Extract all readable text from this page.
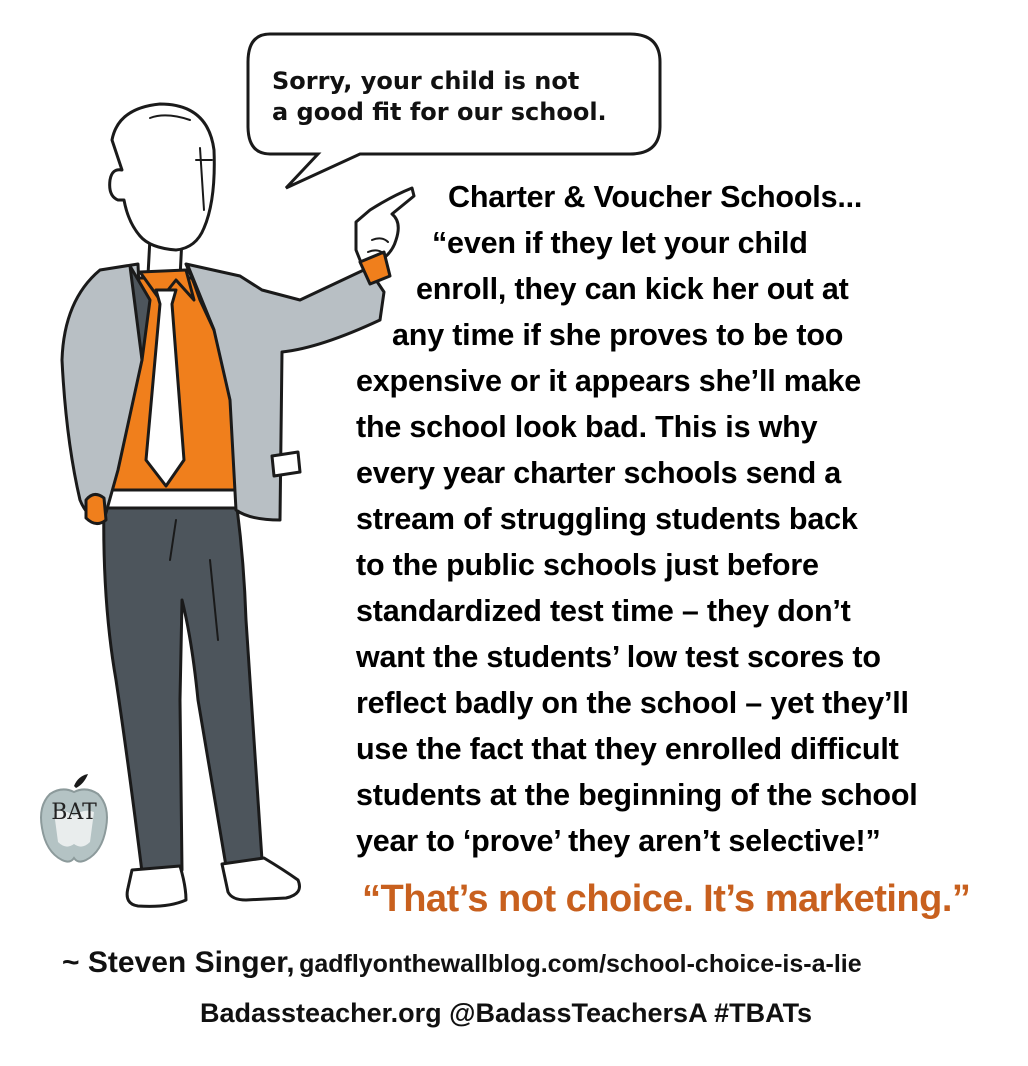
Sorry, your child is not
a good fit for our school.
Charter & Voucher Schools...
“even if they let your child
enroll, they can kick her out at
any time if she proves to be too
expensive or it appears she’ll make
the school look bad. This is why
every year charter schools send a
stream of struggling students back
to the public schools just before
standardized test time – they don’t
want the students’ low test scores to
reflect badly on the school – yet they’ll
use the fact that they enrolled difficult
students at the beginning of the school
year to ‘prove’ they aren’t selective!”
“That’s not choice. It’s marketing.”
~ Steven Singer, gadflyonthewallblog.com/school-choice-is-a-lie
Badassteacher.org @BadassTeachersA #TBATs
BAT
